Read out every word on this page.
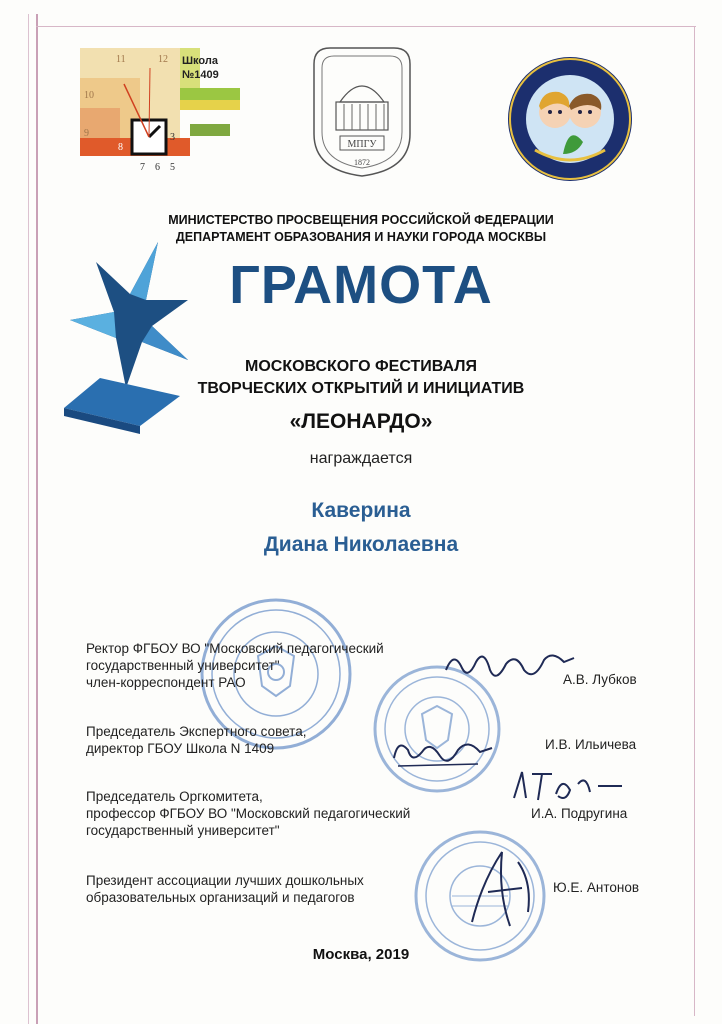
11	12
10
9
8
7 6 5
3
Школа
№1409
МПГУ
1872
МИНИСТЕРСТВО ПРОСВЕЩЕНИЯ РОССИЙСКОЙ ФЕДЕРАЦИИ
ДЕПАРТАМЕНТ ОБРАЗОВАНИЯ И НАУКИ ГОРОДА МОСКВЫ
ГРАМОТА
МОСКОВСКОГО ФЕСТИВАЛЯ
ТВОРЧЕСКИХ ОТКРЫТИЙ И ИНИЦИАТИВ
«ЛЕОНАРДО»
награждается
Каверина
Диана Николаевна
Ректор ФГБОУ ВО "Московский педагогический
государственный университет"
член-корреспондент РАО	А.В. Лубков
Председатель Экспертного совета,
директор ГБОУ Школа N 1409	И.В. Ильичева
Председатель Оргкомитета,
профессор ФГБОУ ВО "Московский педагогический
государственный университет"
И.А. Подругина
Президент ассоциации лучших дошкольных
образовательных организаций и педагогов
Ю.Е. Антонов
Москва, 2019
